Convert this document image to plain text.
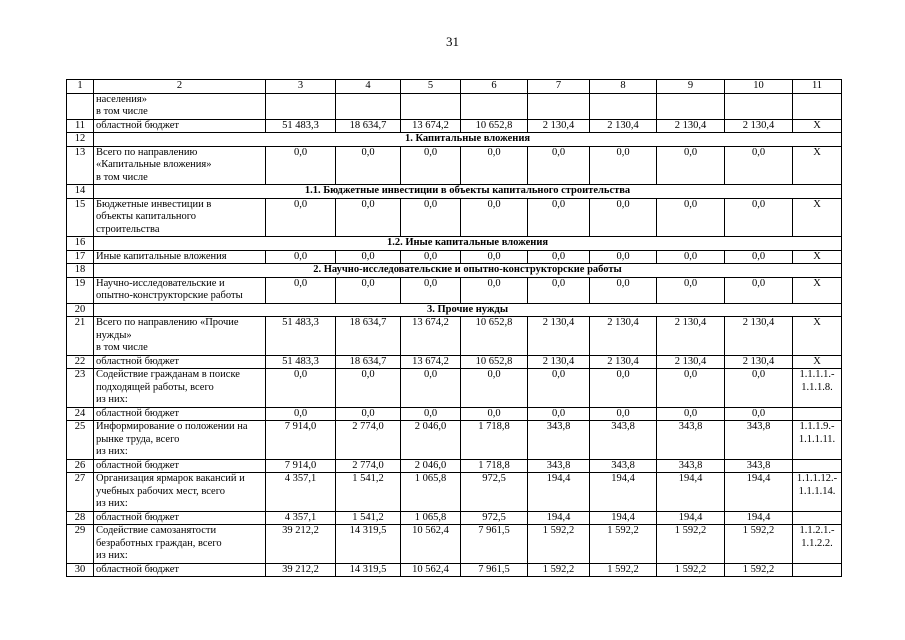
31
1	2	3	4	5	6	7	8	9	10	11
	населения»
в том числе									
11	областной бюджет	51 483,3	18 634,7	13 674,2	10 652,8	2 130,4	2 130,4	2 130,4	2 130,4	X
12	1. Капитальные вложения									
13	Всего по направлению
«Капитальные вложения»
в том числе	0,0	0,0	0,0	0,0	0,0	0,0	0,0	0,0	X
14	1.1. Бюджетные инвестиции в объекты капитального строительства									
15	Бюджетные инвестиции в
объекты капитального
строительства	0,0	0,0	0,0	0,0	0,0	0,0	0,0	0,0	X
16	1.2. Иные капитальные вложения									
17	Иные капитальные вложения	0,0	0,0	0,0	0,0	0,0	0,0	0,0	0,0	X
18	2. Научно-исследовательские и опытно-конструкторские работы									
19	Научно-исследовательские и
опытно-конструкторские работы	0,0	0,0	0,0	0,0	0,0	0,0	0,0	0,0	X
20	3. Прочие нужды									
21	Всего по направлению «Прочие
нужды»
в том числе	51 483,3	18 634,7	13 674,2	10 652,8	2 130,4	2 130,4	2 130,4	2 130,4	X
22	областной бюджет	51 483,3	18 634,7	13 674,2	10 652,8	2 130,4	2 130,4	2 130,4	2 130,4	X
23	Содействие гражданам в поиске
подходящей работы, всего
из них:	0,0	0,0	0,0	0,0	0,0	0,0	0,0	0,0	1.1.1.1.-
1.1.1.8.
24	областной бюджет	0,0	0,0	0,0	0,0	0,0	0,0	0,0	0,0	
25	Информирование о положении на
рынке труда, всего
из них:	7 914,0	2 774,0	2 046,0	1 718,8	343,8	343,8	343,8	343,8	1.1.1.9.-
1.1.1.11.
26	областной бюджет	7 914,0	2 774,0	2 046,0	1 718,8	343,8	343,8	343,8	343,8	
27	Организация ярмарок вакансий и
учебных рабочих мест, всего
из них:	4 357,1	1 541,2	1 065,8	972,5	194,4	194,4	194,4	194,4	1.1.1.12.-
1.1.1.14.
28	областной бюджет	4 357,1	1 541,2	1 065,8	972,5	194,4	194,4	194,4	194,4	
29	Содействие самозанятости
безработных граждан, всего
из них:	39 212,2	14 319,5	10 562,4	7 961,5	1 592,2	1 592,2	1 592,2	1 592,2	1.1.2.1.-
1.1.2.2.
30	областной бюджет	39 212,2	14 319,5	10 562,4	7 961,5	1 592,2	1 592,2	1 592,2	1 592,2	
